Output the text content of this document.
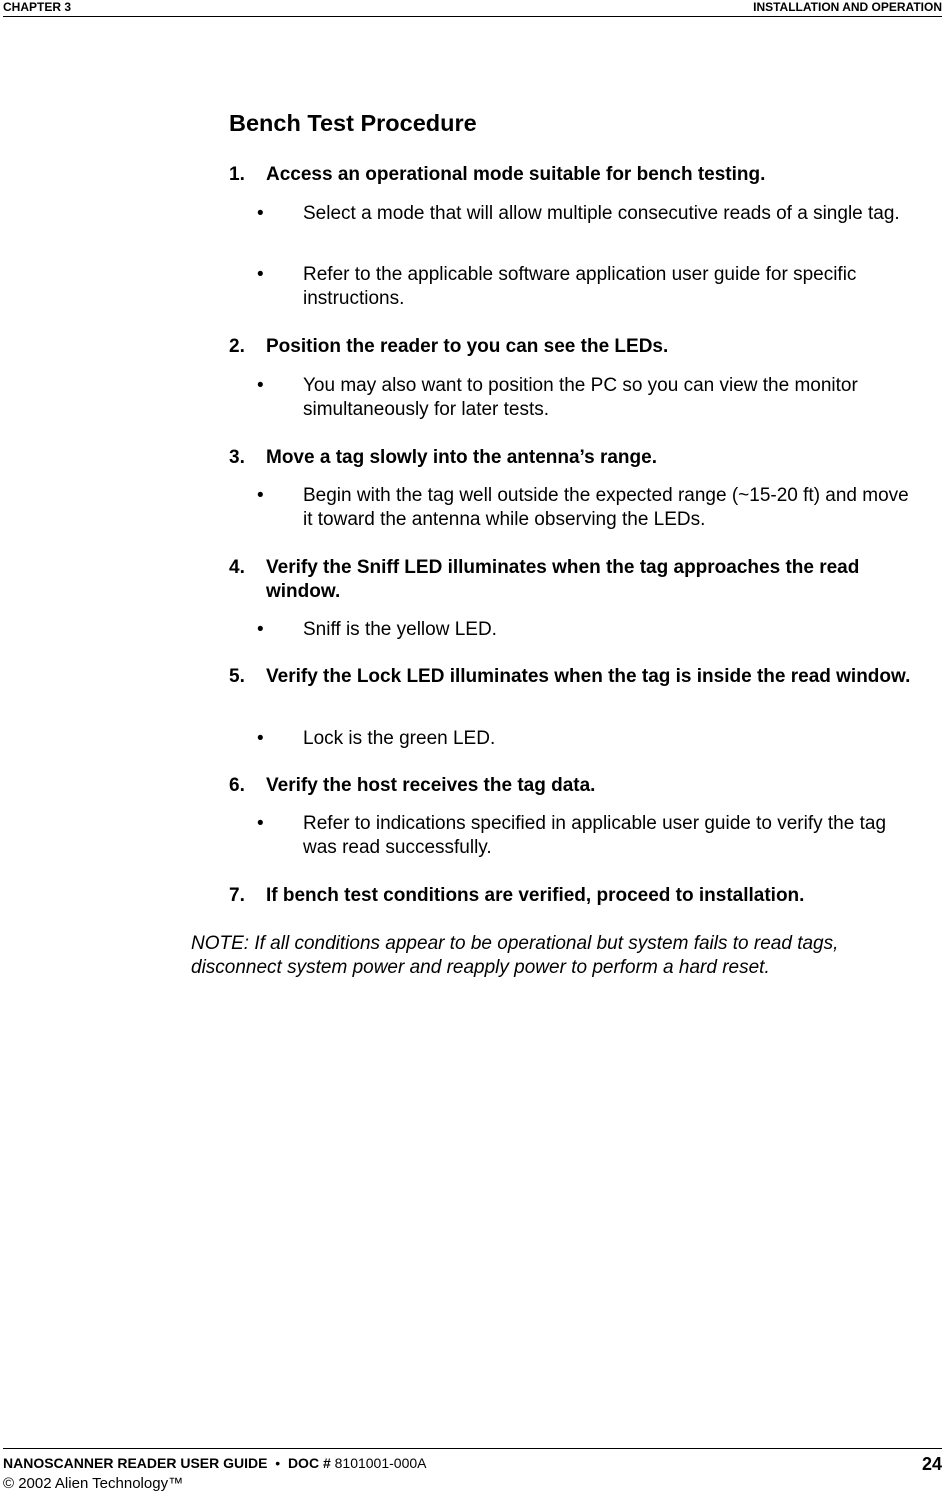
CHAPTER 3	INSTALLATION AND OPERATION
Bench Test Procedure
1.	Access an operational mode suitable for bench testing.
•	Select a mode that will allow multiple consecutive reads of a single tag.
•	Refer to the applicable software application user guide for specific instructions.
2.	Position the reader to you can see the LEDs.
•	You may also want to position the PC so you can view the monitor simultaneously for later tests.
3.	Move a tag slowly into the antenna’s range.
•	Begin with the tag well outside the expected range (~15-20 ft) and move it toward the antenna while observing the LEDs.
4.	Verify the Sniff LED illuminates when the tag approaches the read window.
•	Sniff is the yellow LED.
5.	Verify the Lock LED illuminates when the tag is inside the read window.
•	Lock is the green LED.
6.	Verify the host receives the tag data.
•	Refer to indications specified in applicable user guide to verify the tag was read successfully.
7.	If bench test conditions are verified, proceed to installation.
NOTE: If all conditions appear to be operational but system fails to read tags, disconnect system power and reapply power to perform a hard reset.
NANOSCANNER READER USER GUIDE • DOC # 8101001-000A
© 2002 Alien Technology™
24
